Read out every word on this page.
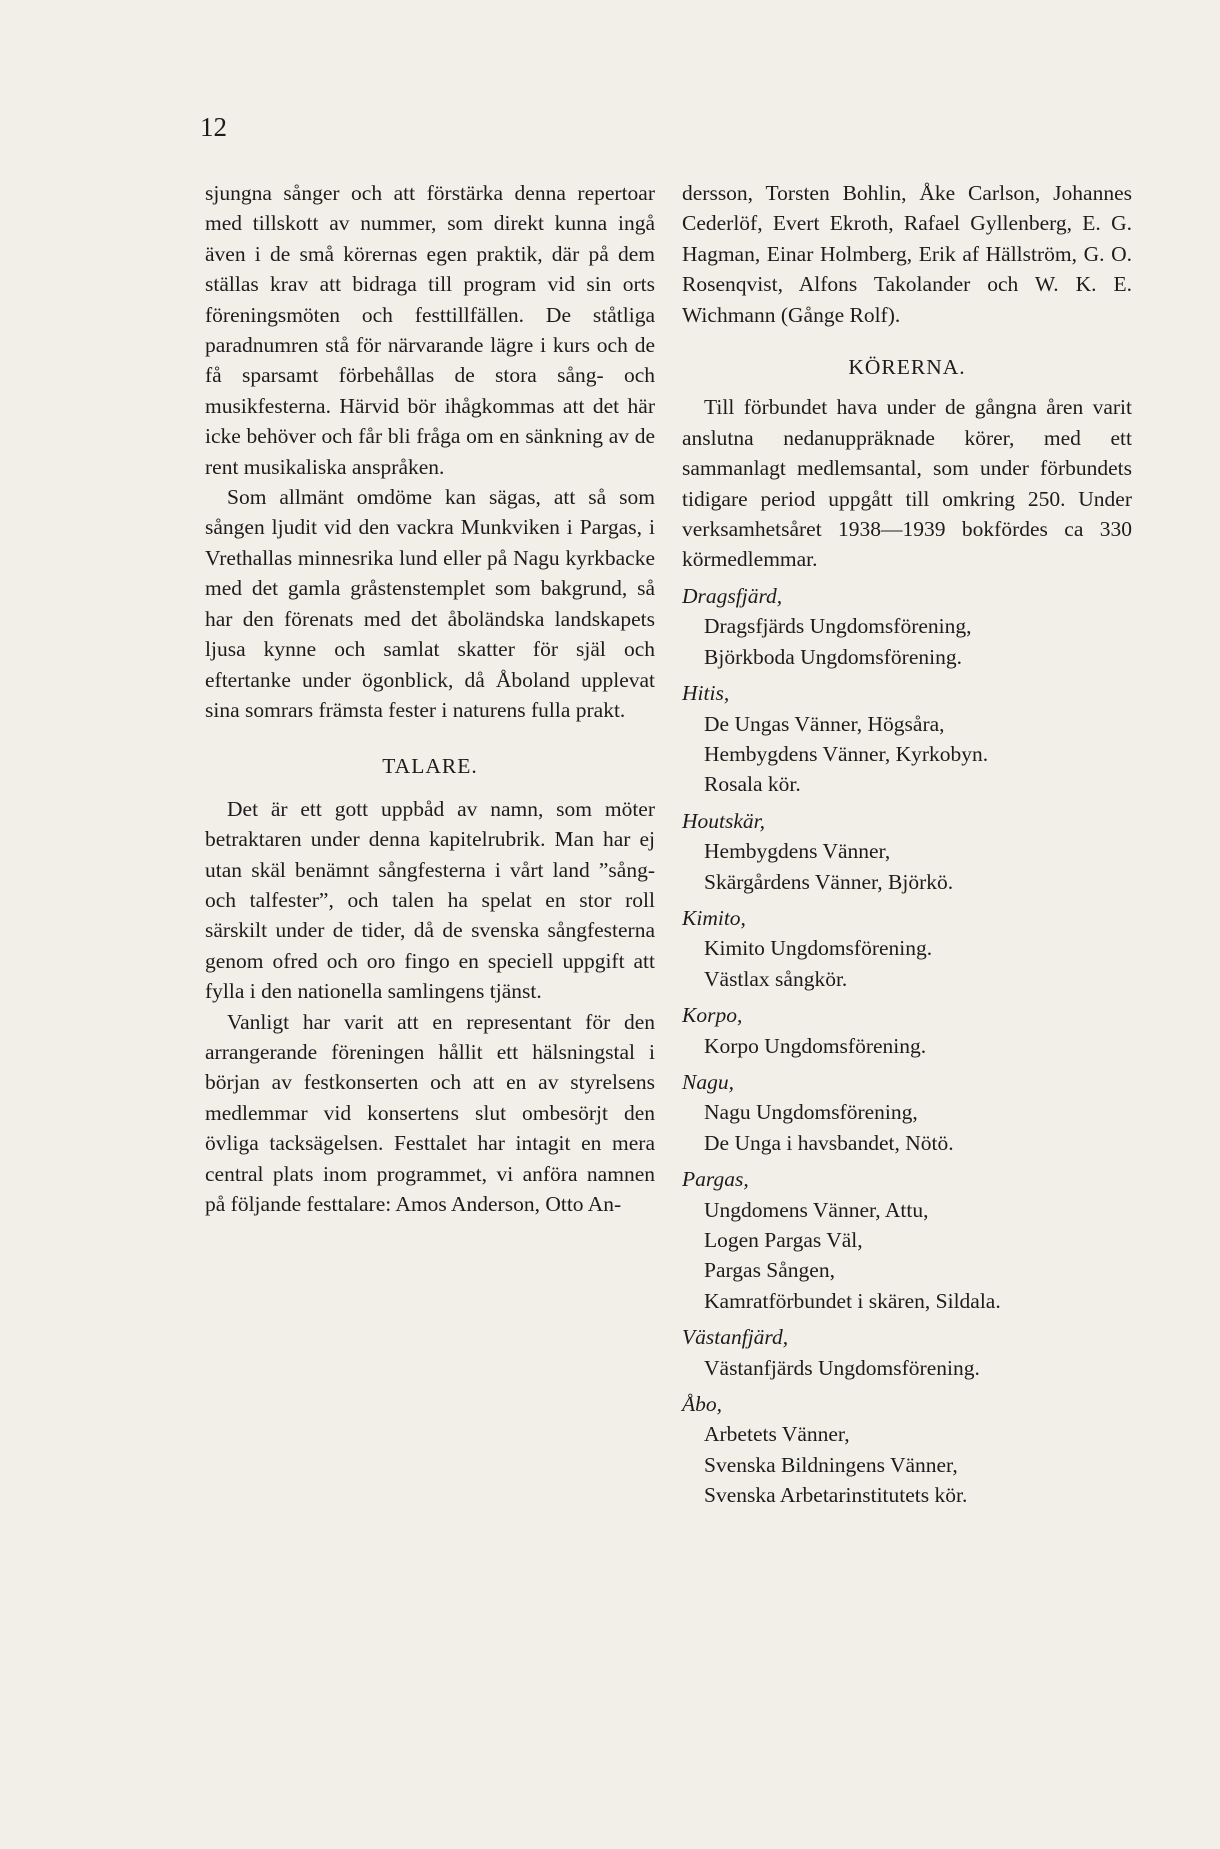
12

sjungna sånger och att förstärka denna repertoar med tillskott av nummer, som direkt kunna ingå även i de små körernas egen praktik, där på dem ställas krav att bidraga till program vid sin orts föreningsmöten och festtillfällen. De ståtliga paradnumren stå för närvarande lägre i kurs och de få sparsamt förbehållas de stora sång- och musikfesterna. Härvid bör ihågkommas att det här icke behöver och får bli fråga om en sänkning av de rent musikaliska anspråken.

Som allmänt omdöme kan sägas, att så som sången ljudit vid den vackra Munkviken i Pargas, i Vrethallas minnesrika lund eller på Nagu kyrkbacke med det gamla gråstenstemplet som bakgrund, så har den förenats med det åboländska landskapets ljusa kynne och samlat skatter för själ och eftertanke under ögonblick, då Åboland upplevat sina somrars främsta fester i naturens fulla prakt.

TALARE.

Det är ett gott uppbåd av namn, som möter betraktaren under denna kapitelrubrik. Man har ej utan skäl benämnt sångfesterna i vårt land ”sång- och talfester”, och talen ha spelat en stor roll särskilt under de tider, då de svenska sångfesterna genom ofred och oro fingo en speciell uppgift att fylla i den nationella samlingens tjänst.

Vanligt har varit att en representant för den arrangerande föreningen hållit ett hälsningstal i början av festkonserten och att en av styrelsens medlemmar vid konsertens slut ombesörjt den övliga tacksägelsen. Festtalet har intagit en mera central plats inom programmet, vi anföra namnen på följande festtalare: Amos Anderson, Otto An-

dersson, Torsten Bohlin, Åke Carlson, Johannes Cederlöf, Evert Ekroth, Rafael Gyllenberg, E. G. Hagman, Einar Holmberg, Erik af Hällström, G. O. Rosenqvist, Alfons Takolander och W. K. E. Wichmann (Gånge Rolf).

KÖRERNA.

Till förbundet hava under de gångna åren varit anslutna nedanuppräknade körer, med ett sammanlagt medlemsantal, som under förbundets tidigare period uppgått till omkring 250. Under verksamhetsåret 1938—1939 bokfördes ca 330 körmedlemmar.

Dragsfjärd,
Dragsfjärds Ungdomsförening,
Björkboda Ungdomsförening.
Hitis,
De Ungas Vänner, Högsåra,
Hembygdens Vänner, Kyrkobyn.
Rosala kör.
Houtskär,
Hembygdens Vänner,
Skärgårdens Vänner, Björkö.
Kimito,
Kimito Ungdomsförening.
Västlax sångkör.
Korpo,
Korpo Ungdomsförening.
Nagu,
Nagu Ungdomsförening,
De Unga i havsbandet, Nötö.
Pargas,
Ungdomens Vänner, Attu,
Logen Pargas Väl,
Pargas Sången,
Kamratförbundet i skären, Sildala.
Västanfjärd,
Västanfjärds Ungdomsförening.
Åbo,
Arbetets Vänner,
Svenska Bildningens Vänner,
Svenska Arbetarinstitutets kör.
